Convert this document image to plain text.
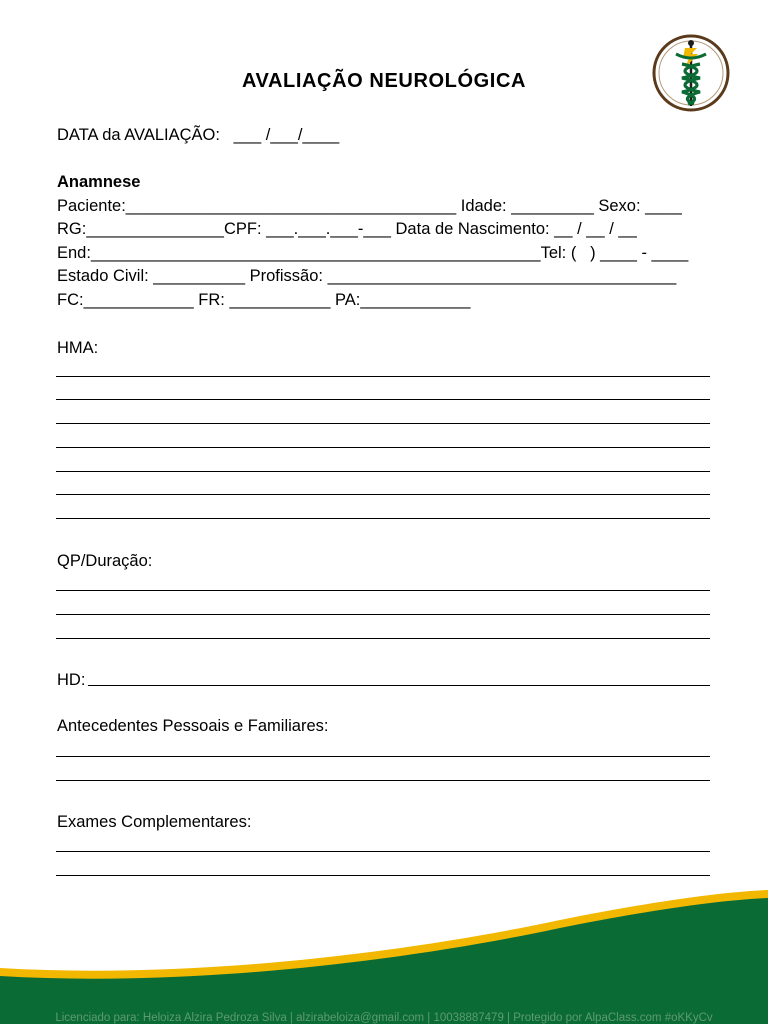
AVALIAÇÃO NEUROLÓGICA
DATA da AVALIAÇÃO:   ___ /___/____
Anamnese
Paciente:____________________________________ Idade: _________ Sexo: ____
RG:_______________CPF: ___.___.___-___ Data de Nascimento: __ / __ / __
End:_________________________________________________Tel: (   ) ____ - ____
Estado Civil: __________ Profissão: ______________________________________
FC:____________ FR: ___________ PA:____________
HMA:
QP/Duração:
HD:
Antecedentes Pessoais e Familiares:
Exames Complementares:
Licenciado para: Heloiza Alzira Pedroza Silva | alzirabeloiza@gmail.com | 10038887479 | Protegido por AlpaClass.com #oKKyCv
